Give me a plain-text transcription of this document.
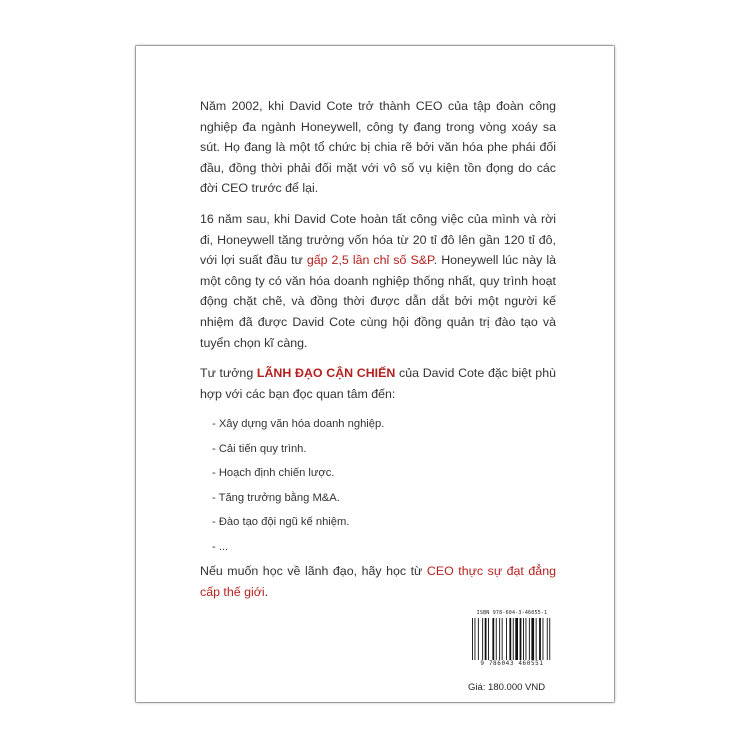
Năm 2002, khi David Cote trở thành CEO của tập đoàn công nghiệp đa ngành Honeywell, công ty đang trong vòng xoáy sa sút. Họ đang là một tổ chức bị chia rẽ bởi văn hóa phe phái đối đầu, đồng thời phải đối mặt với vô số vụ kiện tồn đọng do các đời CEO trước để lại.

16 năm sau, khi David Cote hoàn tất công việc của mình và rời đi, Honeywell tăng trưởng vốn hóa từ 20 tỉ đô lên gần 120 tỉ đô, với lợi suất đầu tư gấp 2,5 lần chỉ số S&P. Honeywell lúc này là một công ty có văn hóa doanh nghiệp thống nhất, quy trình hoạt động chặt chẽ, và đồng thời được dẫn dắt bởi một người kế nhiệm đã được David Cote cùng hội đồng quản trị đào tạo và tuyển chọn kĩ càng.

Tư tưởng LÃNH ĐẠO CẬN CHIẾN của David Cote đặc biệt phù hợp với các bạn đọc quan tâm đến:

- Xây dựng văn hóa doanh nghiệp.
- Cải tiến quy trình.
- Hoạch định chiến lược.
- Tăng trưởng bằng M&A.
- Đào tạo đội ngũ kế nhiệm.
- ...

Nếu muốn học về lãnh đạo, hãy học từ CEO thực sự đạt đẳng cấp thế giới.

ISBN 978-604-3-46055-1
9 786043 460551
Giá: 180.000 VND
